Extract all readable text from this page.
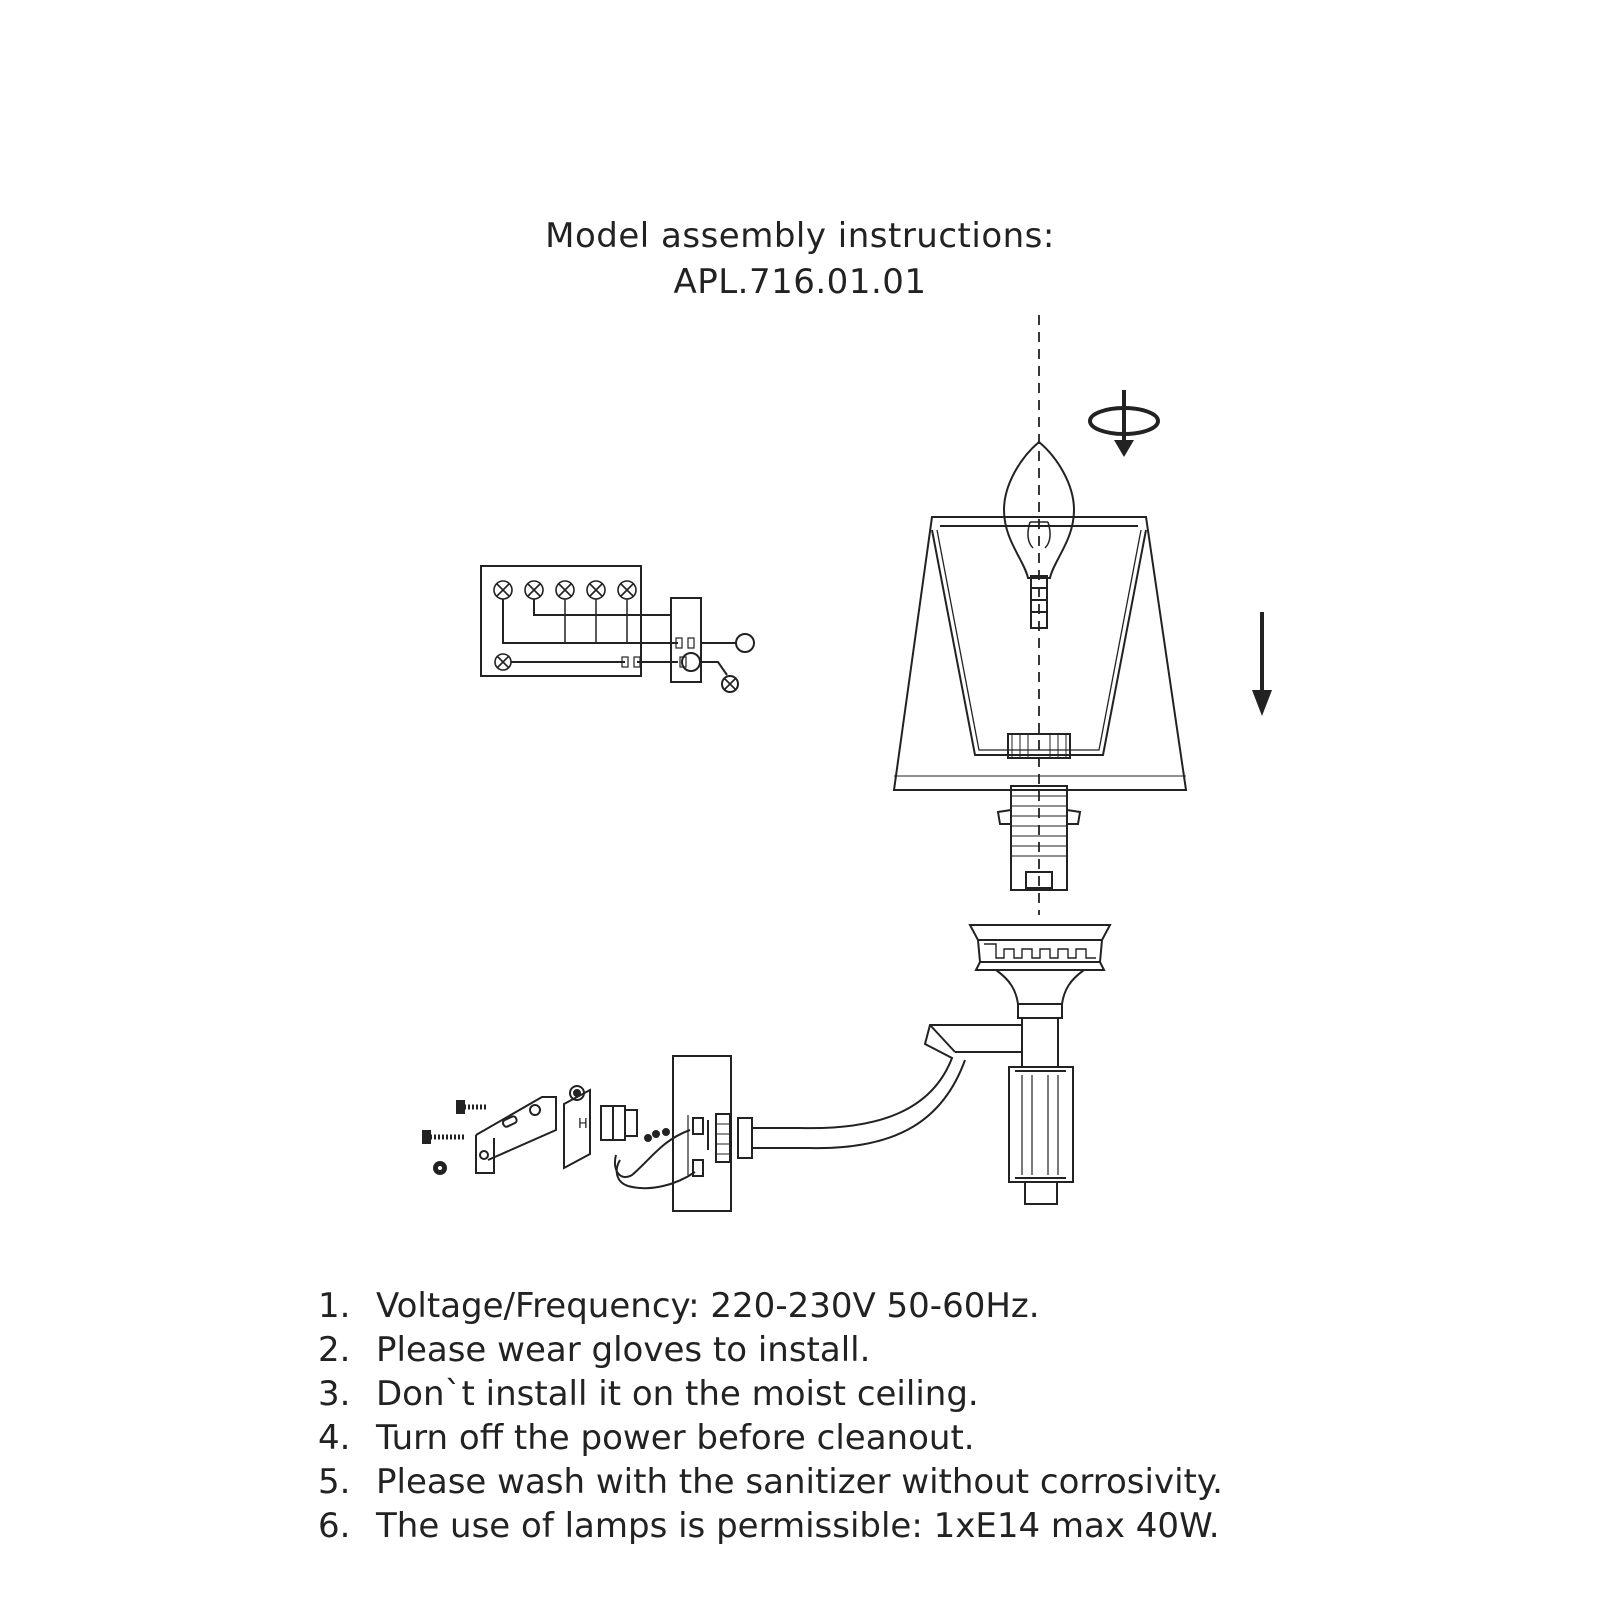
Model assembly instructions:
APL.716.01.01
H
1. Voltage/Frequency: 220-230V 50-60Hz.
2. Please wear gloves to install.
3. Don`t install it on the moist ceiling.
4. Turn off the power before cleanout.
5. Please wash with the sanitizer without corrosivity.
6. The use of lamps is permissible: 1xE14 max 40W.
